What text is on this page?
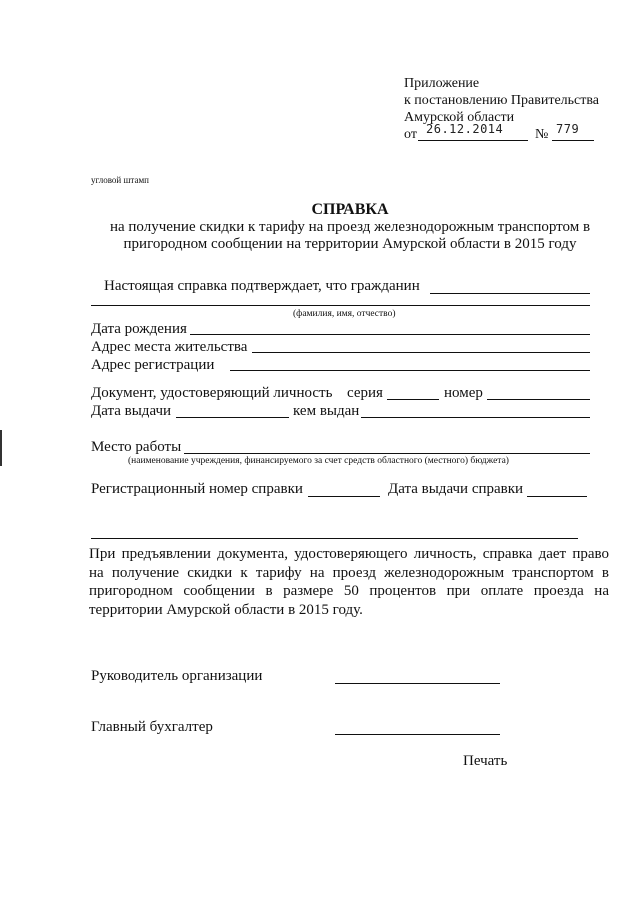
Приложение
к постановлению Правительства
Амурской области
от 26.12.2014 № 779
угловой штамп
СПРАВКА
на получение скидки к тарифу на проезд железнодорожным транспортом в
пригородном сообщении на территории Амурской области в 2015 году
Настоящая справка подтверждает, что гражданин
(фамилия, имя, отчество)
Дата рождения
Адрес места жительства
Адрес регистрации
Документ, удостоверяющий личность серия	номер
Дата выдачи	кем выдан
Место работы
(наименование учреждения, финансируемого за счет средств областного (местного) бюджета)
Регистрационный номер справки	Дата выдачи справки
При предъявлении документа, удостоверяющего личность, справка дает право
на получение скидки к тарифу на проезд железнодорожным транспортом в
пригородном сообщении в размере 50 процентов при оплате проезда на
территории Амурской области в 2015 году.
Руководитель организации
Главный бухгалтер
Печать
